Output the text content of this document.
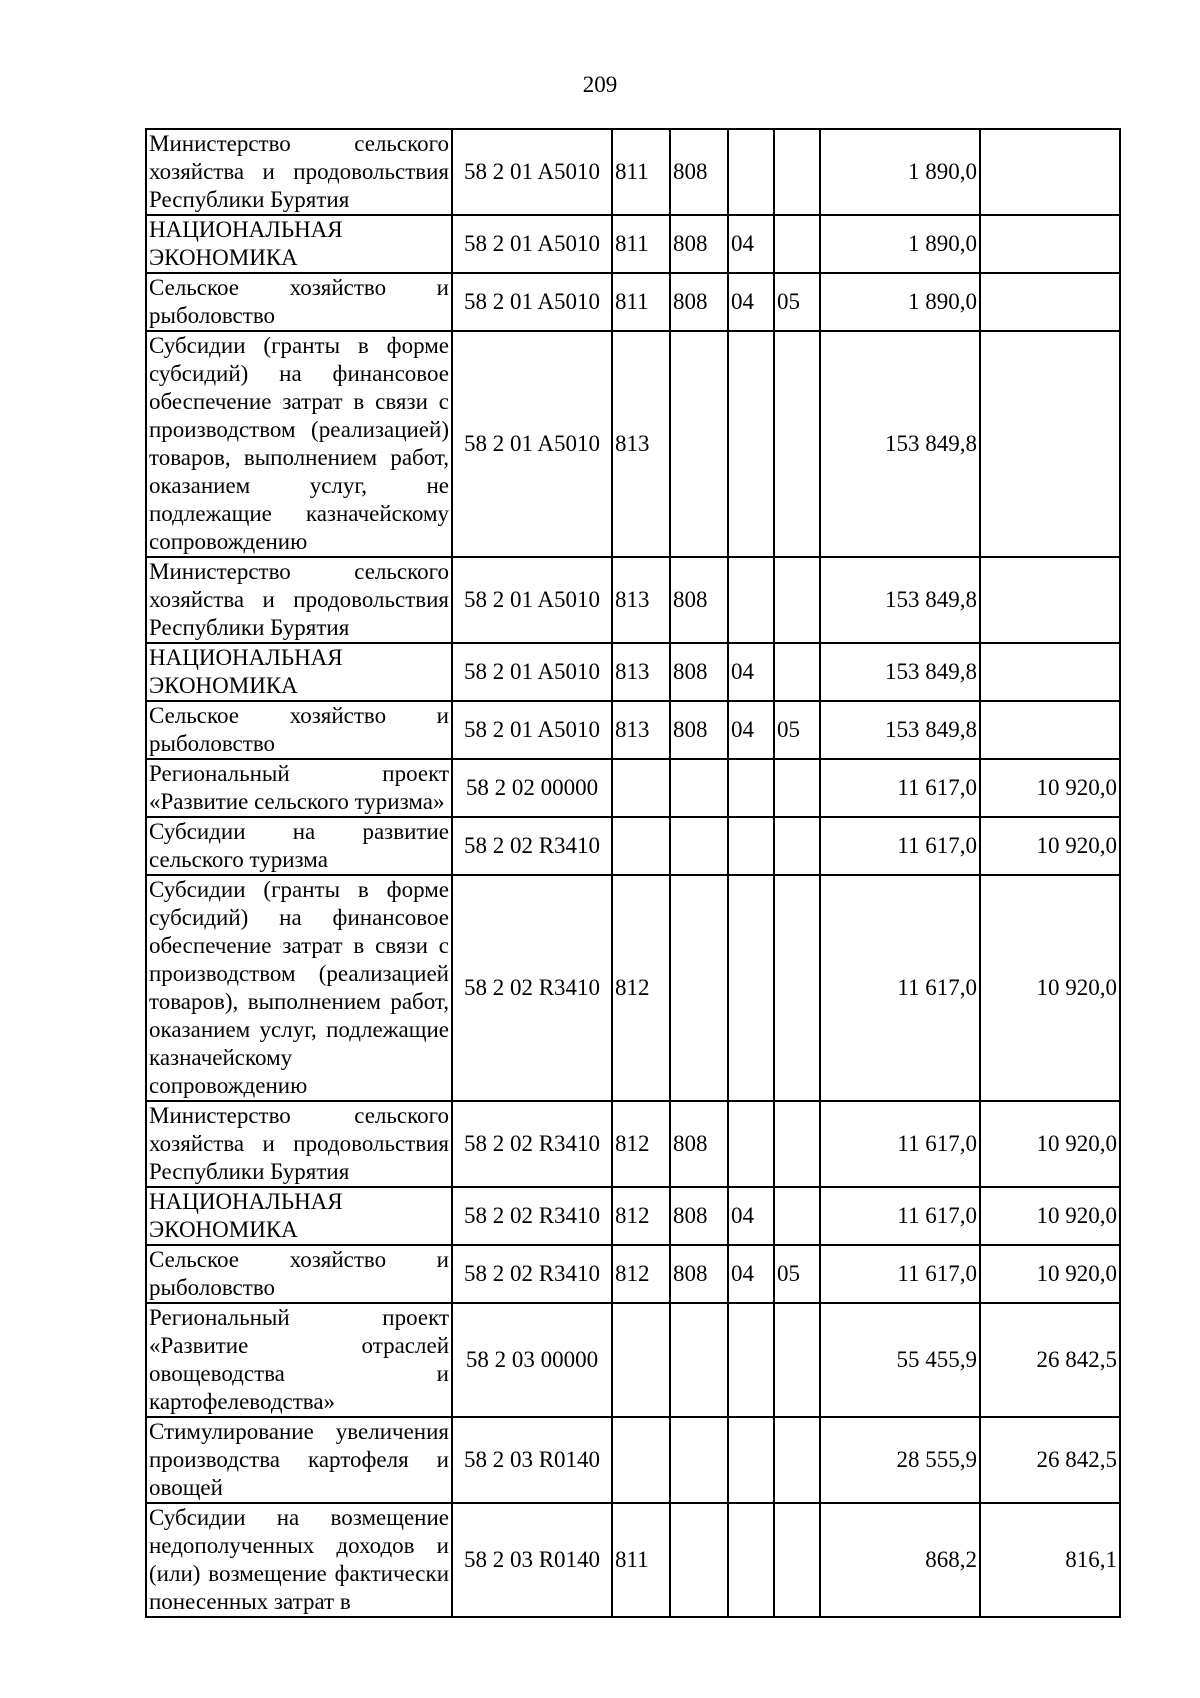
209
Министерство сельского хозяйства и продовольствия Республики Бурятия	58 2 01 A5010	811	808			1 890,0	
НАЦИОНАЛЬНАЯ ЭКОНОМИКА	58 2 01 A5010	811	808	04		1 890,0	
Сельское хозяйство и рыболовство	58 2 01 A5010	811	808	04	05	1 890,0	
Субсидии (гранты в форме субсидий) на финансовое обеспечение затрат в связи с производством (реализацией) товаров, выполнением работ, оказанием услуг, не подлежащие казначейскому сопровождению	58 2 01 A5010	813				153 849,8	
Министерство сельского хозяйства и продовольствия Республики Бурятия	58 2 01 A5010	813	808			153 849,8	
НАЦИОНАЛЬНАЯ ЭКОНОМИКА	58 2 01 A5010	813	808	04		153 849,8	
Сельское хозяйство и рыболовство	58 2 01 A5010	813	808	04	05	153 849,8	
Региональный проект «Развитие сельского туризма»	58 2 02 00000					11 617,0	10 920,0
Субсидии на развитие сельского туризма	58 2 02 R3410					11 617,0	10 920,0
Субсидии (гранты в форме субсидий) на финансовое обеспечение затрат в связи с производством (реализацией товаров), выполнением работ, оказанием услуг, подлежащие казначейскому сопровождению	58 2 02 R3410	812				11 617,0	10 920,0
Министерство сельского хозяйства и продовольствия Республики Бурятия	58 2 02 R3410	812	808			11 617,0	10 920,0
НАЦИОНАЛЬНАЯ ЭКОНОМИКА	58 2 02 R3410	812	808	04		11 617,0	10 920,0
Сельское хозяйство и рыболовство	58 2 02 R3410	812	808	04	05	11 617,0	10 920,0
Региональный проект «Развитие отраслей овощеводства и картофелеводства»	58 2 03 00000					55 455,9	26 842,5
Стимулирование увеличения производства картофеля и овощей	58 2 03 R0140					28 555,9	26 842,5
Субсидии на возмещение недополученных доходов и (или) возмещение фактически понесенных затрат в	58 2 03 R0140	811				868,2	816,1
